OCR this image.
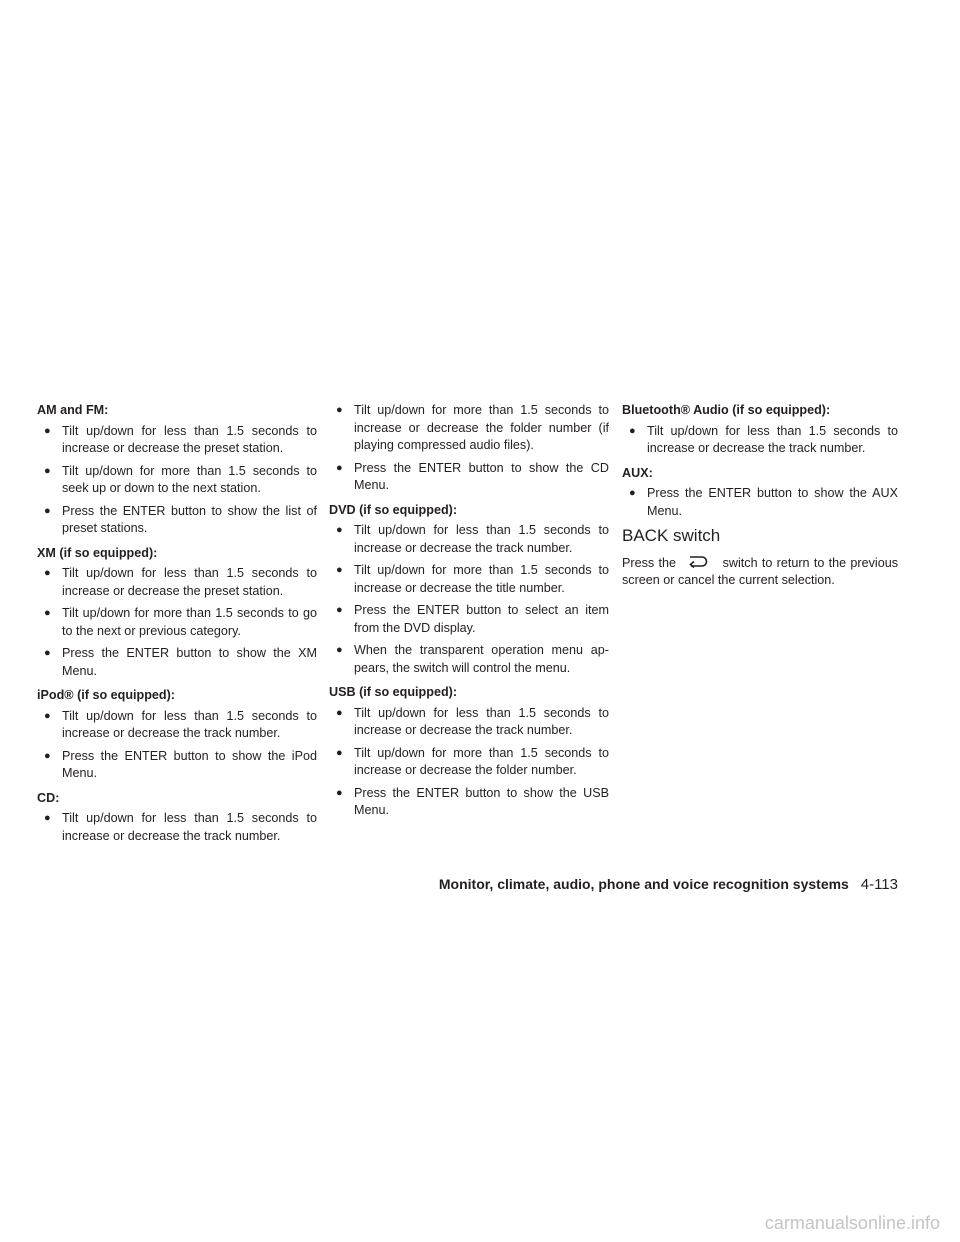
AM and FM:
● Tilt up/down for less than 1.5 seconds to increase or decrease the preset station.
● Tilt up/down for more than 1.5 seconds to seek up or down to the next station.
● Press the ENTER button to show the list of preset stations.
XM (if so equipped):
● Tilt up/down for less than 1.5 seconds to increase or decrease the preset station.
● Tilt up/down for more than 1.5 seconds to go to the next or previous category.
● Press the ENTER button to show the XM Menu.
iPod® (if so equipped):
● Tilt up/down for less than 1.5 seconds to increase or decrease the track number.
● Press the ENTER button to show the iPod Menu.
CD:
● Tilt up/down for less than 1.5 seconds to increase or decrease the track number.
● Tilt up/down for more than 1.5 seconds to increase or decrease the folder number (if playing compressed audio files).
● Press the ENTER button to show the CD Menu.
DVD (if so equipped):
● Tilt up/down for less than 1.5 seconds to increase or decrease the track number.
● Tilt up/down for more than 1.5 seconds to increase or decrease the title number.
● Press the ENTER button to select an item from the DVD display.
● When the transparent operation menu ap-pears, the switch will control the menu.
USB (if so equipped):
● Tilt up/down for less than 1.5 seconds to increase or decrease the track number.
● Tilt up/down for more than 1.5 seconds to increase or decrease the folder number.
● Press the ENTER button to show the USB Menu.
Bluetooth® Audio (if so equipped):
● Tilt up/down for less than 1.5 seconds to increase or decrease the track number.
AUX:
● Press the ENTER button to show the AUX Menu.
BACK switch
Press the	switch to return to the previous screen or cancel the current selection.
Monitor, climate, audio, phone and voice recognition systems 4-113
carmanualsonline.info
